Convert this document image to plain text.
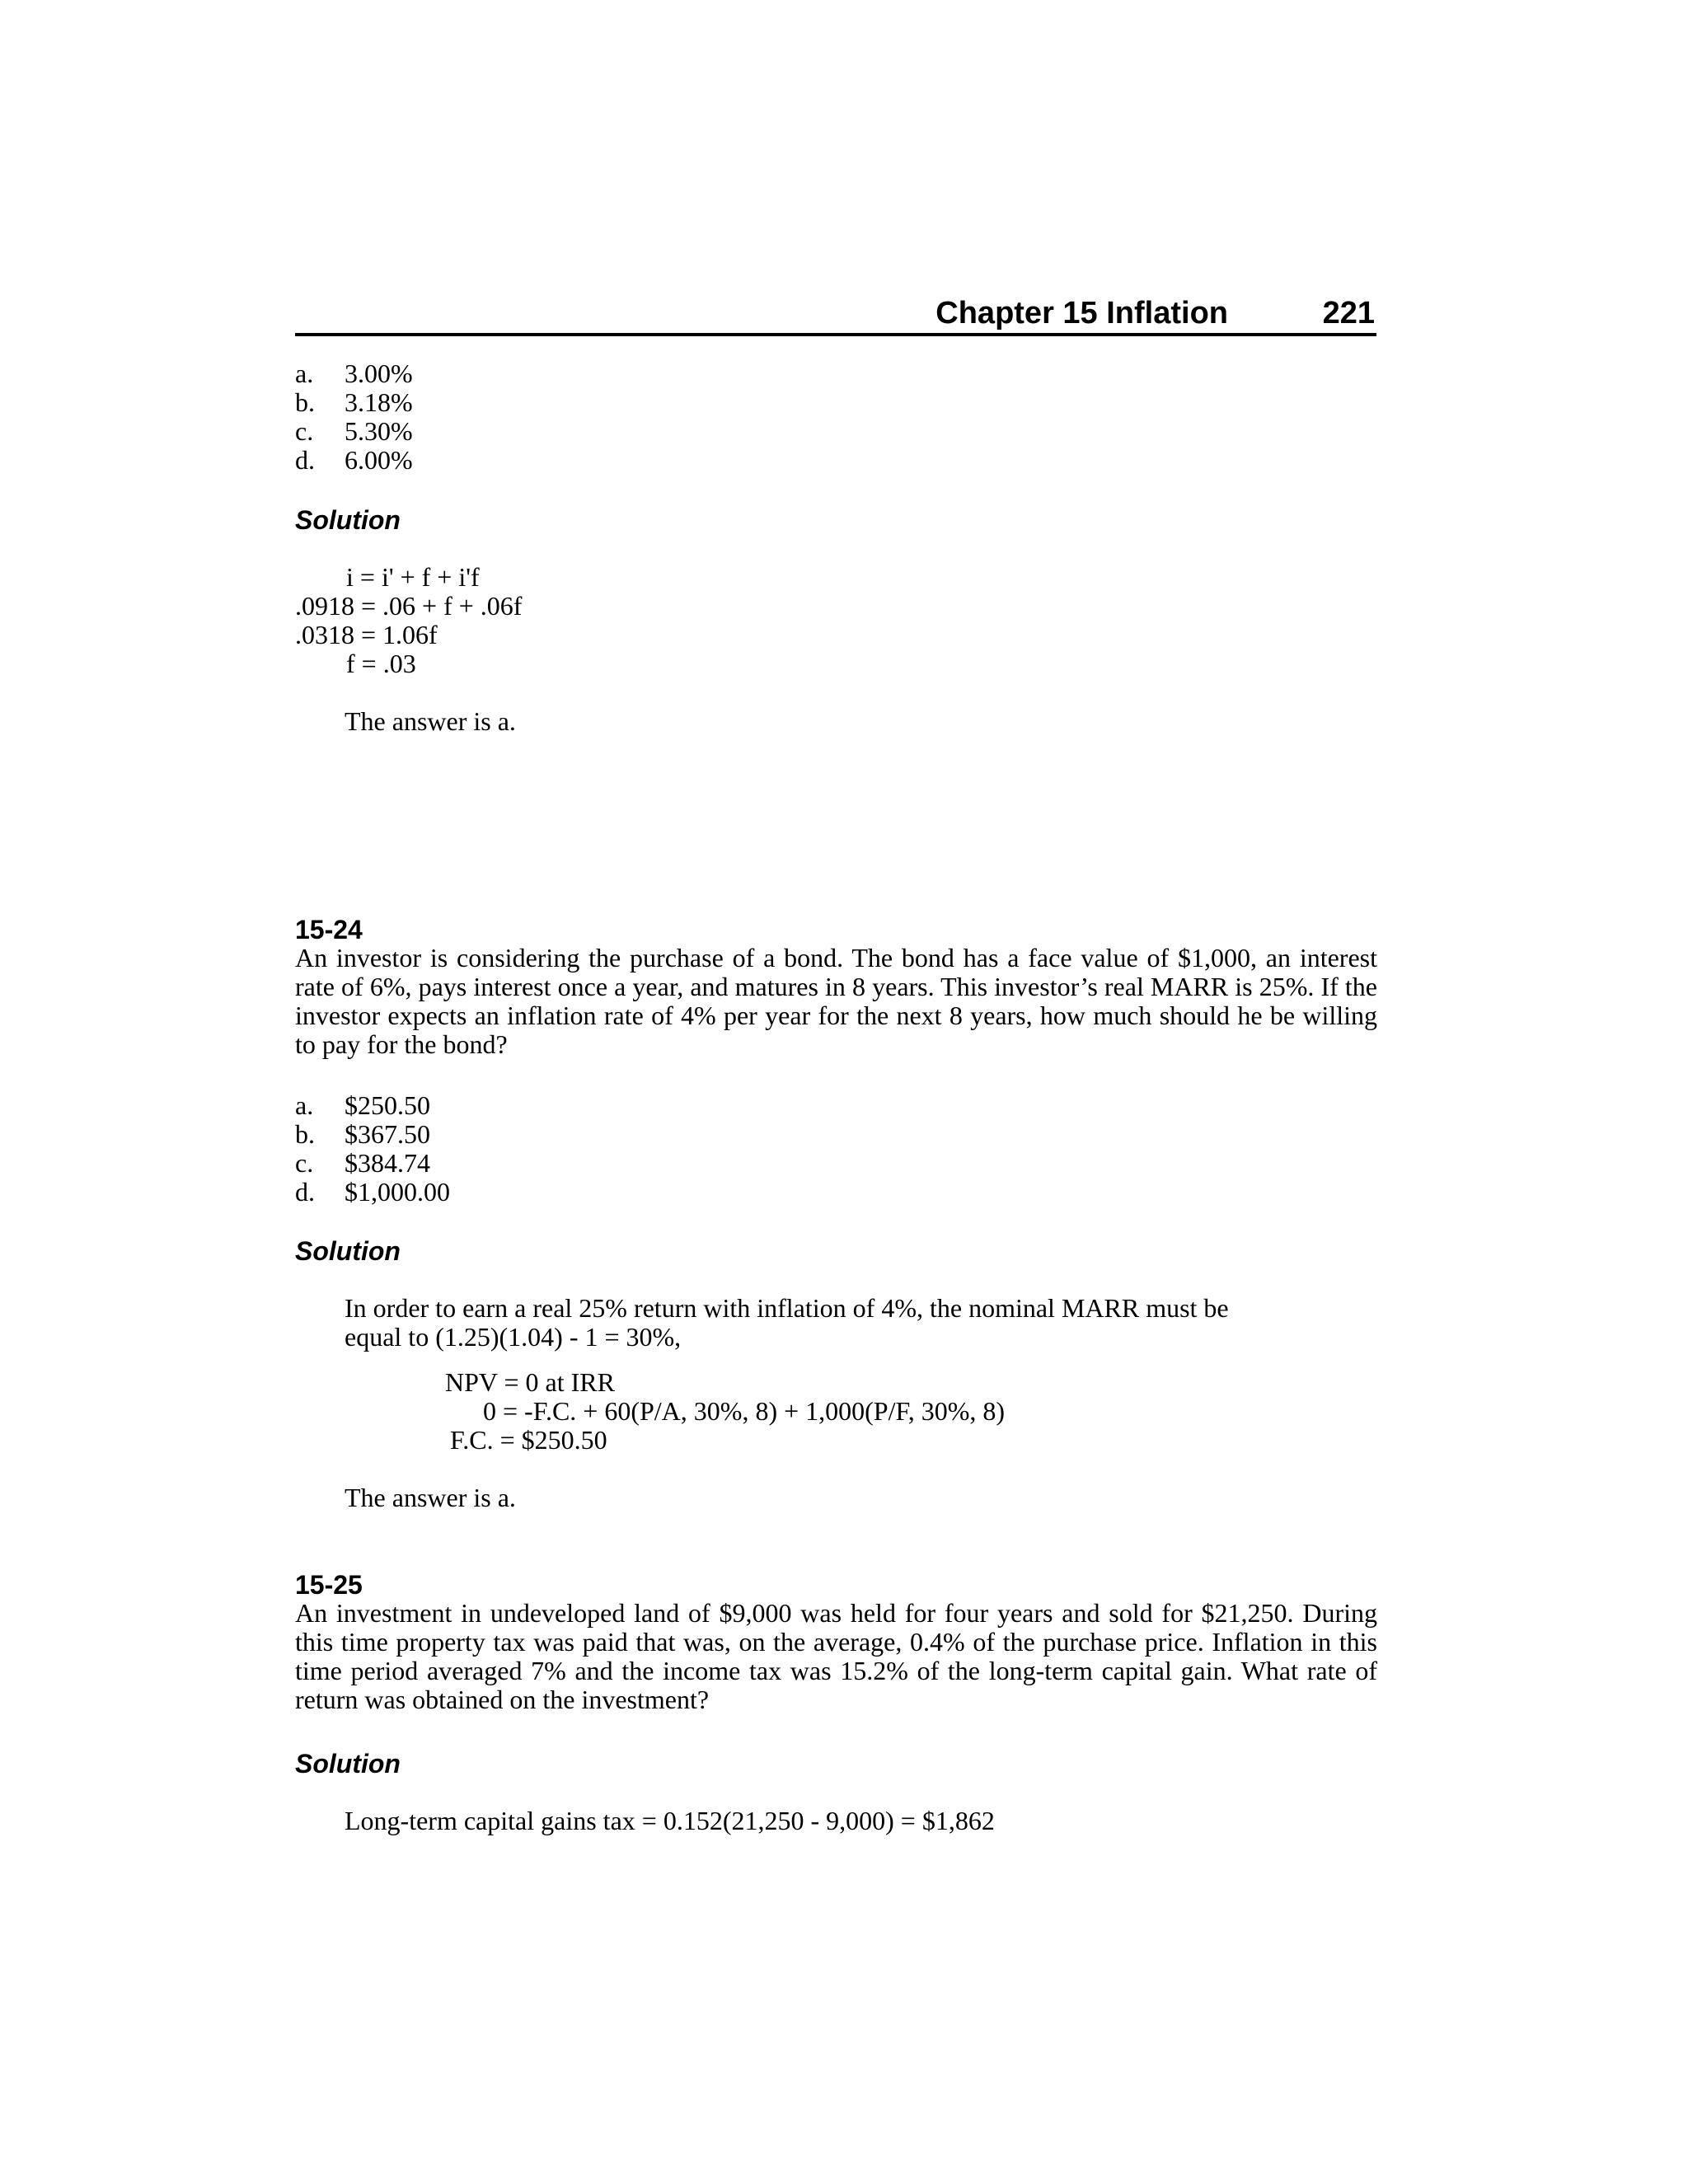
Chapter 15 Inflation	221
a. 3.00%
b. 3.18%
c. 5.30%
d. 6.00%
Solution
i = i' + f + i'f
.0918 = .06 + f + .06f
.0318 = 1.06f
f = .03
The answer is a.
15-24
An investor is considering the purchase of a bond. The bond has a face value of $1,000, an interest rate of 6%, pays interest once a year, and matures in 8 years. This investor’s real MARR is 25%. If the investor expects an inflation rate of 4% per year for the next 8 years, how much should he be willing to pay for the bond?
a. $250.50
b. $367.50
c. $384.74
d. $1,000.00
Solution
In order to earn a real 25% return with inflation of 4%, the nominal MARR must be
equal to (1.25)(1.04) - 1 = 30%,
NPV = 0 at IRR
0 = -F.C. + 60(P/A, 30%, 8) + 1,000(P/F, 30%, 8)
F.C. = $250.50
The answer is a.
15-25
An investment in undeveloped land of $9,000 was held for four years and sold for $21,250. During this time property tax was paid that was, on the average, 0.4% of the purchase price. Inflation in this time period averaged 7% and the income tax was 15.2% of the long-term capital gain. What rate of return was obtained on the investment?
Solution
Long-term capital gains tax = 0.152(21,250 - 9,000) = $1,862
